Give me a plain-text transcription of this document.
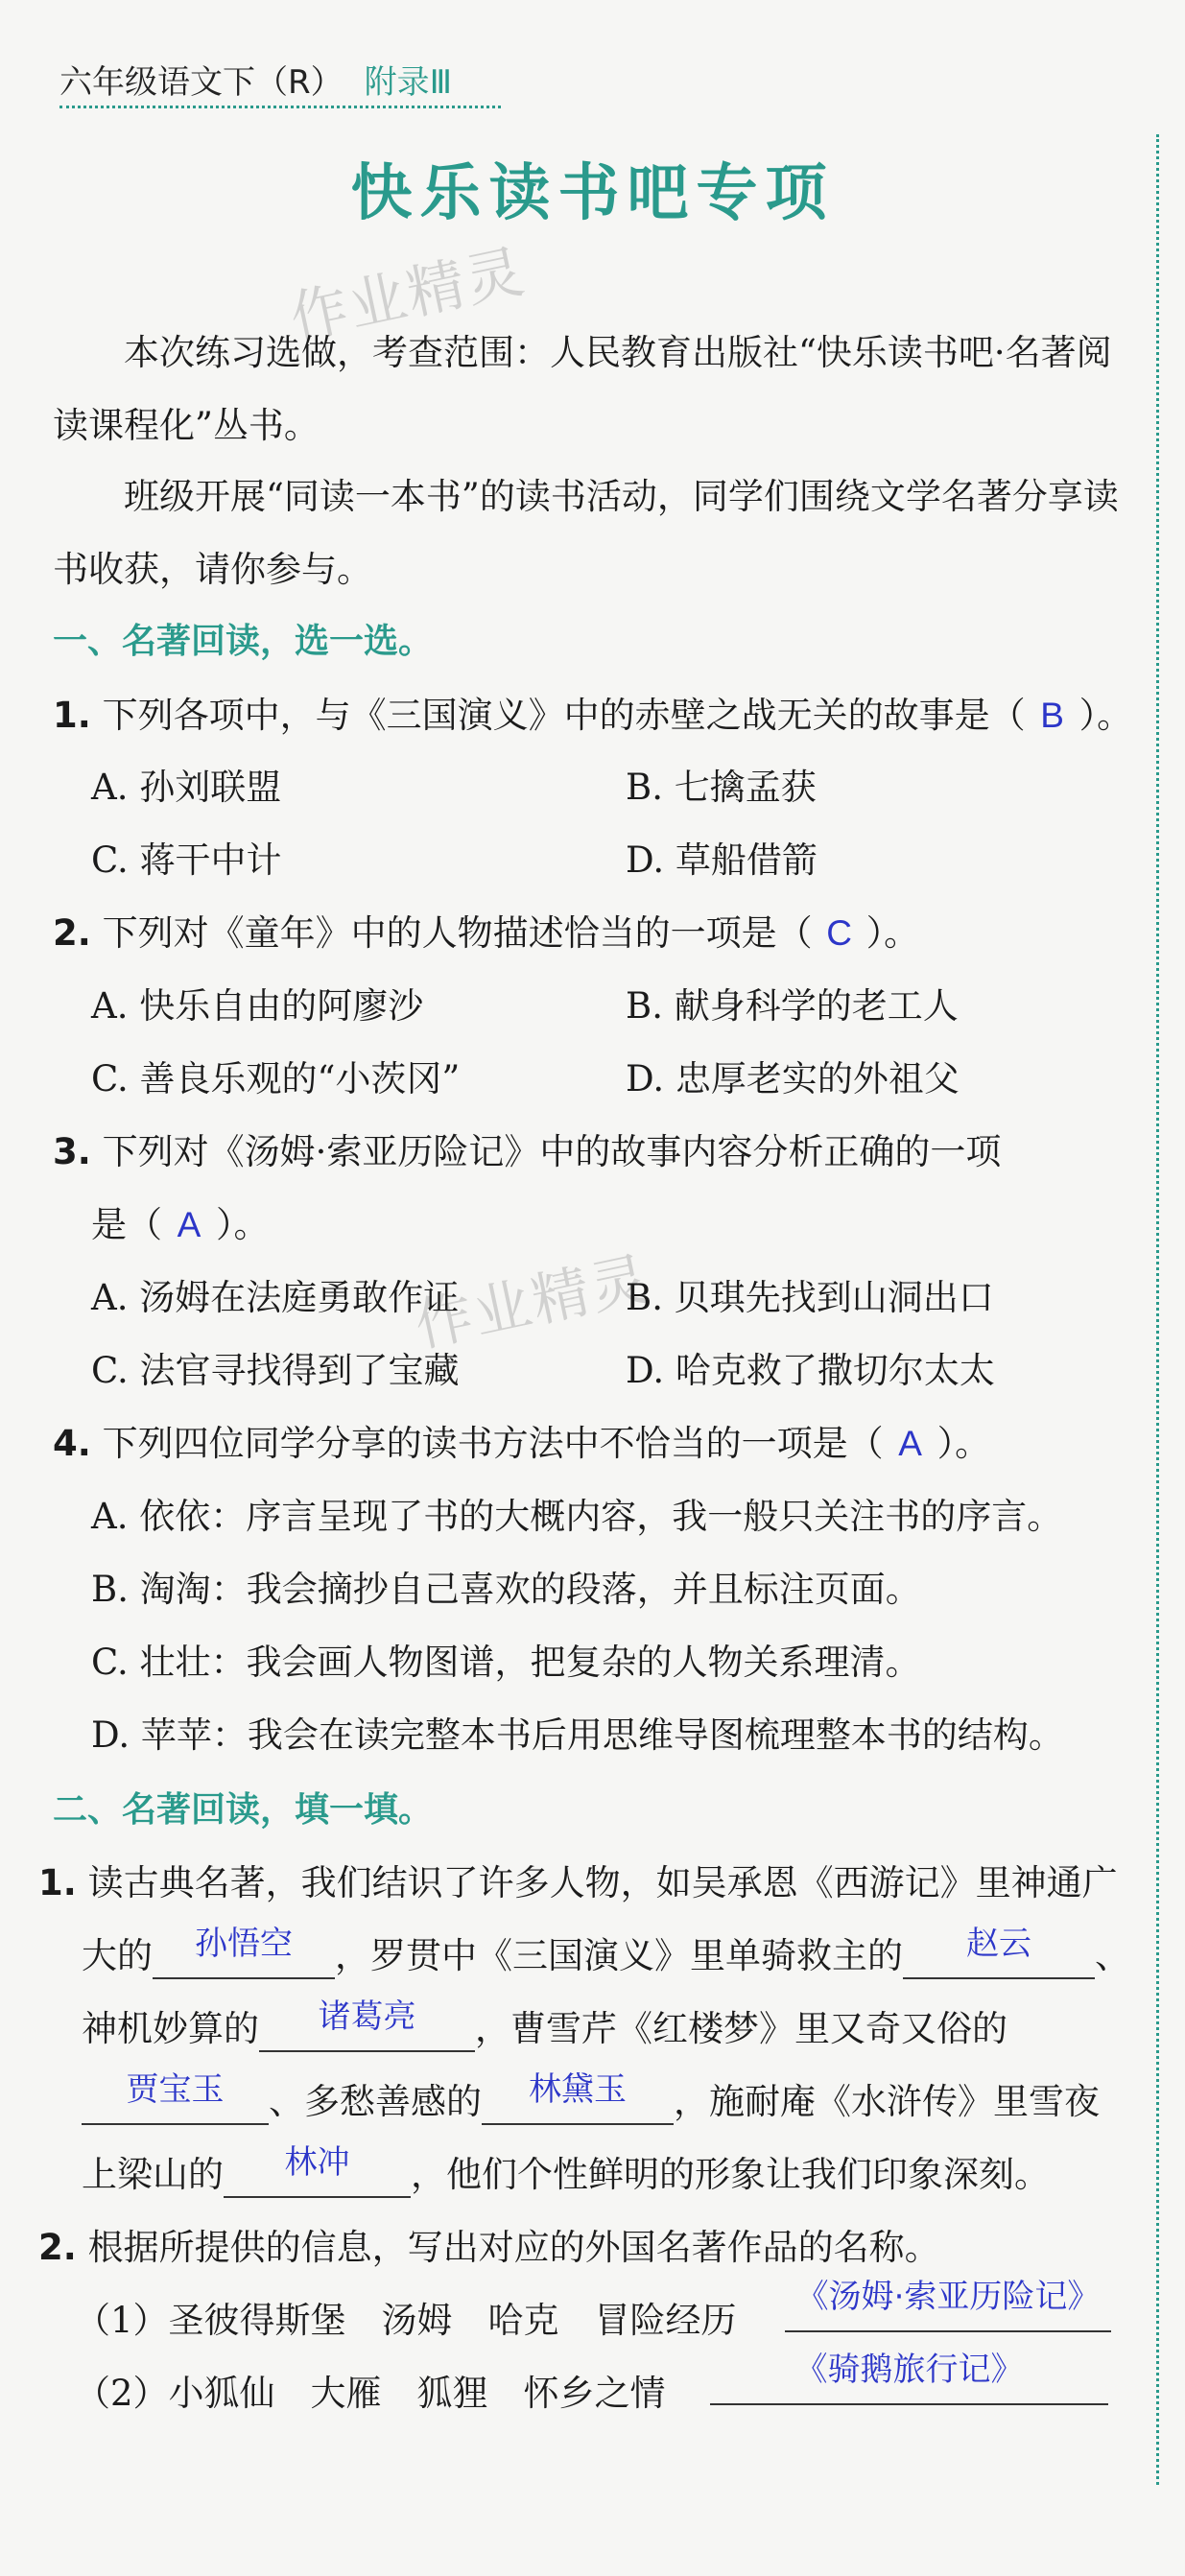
六年级语文下（R） 附录Ⅲ
快乐读书吧专项
作业精灵
作业精灵
本次练习选做，考查范围：人民教育出版社“快乐读书吧·名著阅读课程化”丛书。
班级开展“同读一本书”的读书活动，同学们围绕文学名著分享读书收获，请你参与。
一、名著回读，选一选。
1. 下列各项中，与《三国演义》中的赤壁之战无关的故事是（ B ）。
A. 孙刘联盟	B. 七擒孟获
C. 蒋干中计	D. 草船借箭
2. 下列对《童年》中的人物描述恰当的一项是（ C ）。
A. 快乐自由的阿廖沙	B. 献身科学的老工人
C. 善良乐观的“小茨冈”	D. 忠厚老实的外祖父
3. 下列对《汤姆·索亚历险记》中的故事内容分析正确的一项
是（ A ）。
A. 汤姆在法庭勇敢作证	B. 贝琪先找到山洞出口
C. 法官寻找得到了宝藏	D. 哈克救了撒切尔太太
4. 下列四位同学分享的读书方法中不恰当的一项是（ A ）。
A. 依依：序言呈现了书的大概内容，我一般只关注书的序言。
B. 淘淘：我会摘抄自己喜欢的段落，并且标注页面。
C. 壮壮：我会画人物图谱，把复杂的人物关系理清。
D. 苹苹：我会在读完整本书后用思维导图梳理整本书的结构。
二、名著回读，填一填。
1. 读古典名著，我们结识了许多人物，如吴承恩《西游记》里神通广
大的 孙悟空 ，罗贯中《三国演义》里单骑救主的 赵云 、
神机妙算的 诸葛亮 ，曹雪芹《红楼梦》里又奇又俗的
贾宝玉 、多愁善感的 林黛玉 ，施耐庵《水浒传》里雪夜
上梁山的 林冲 ，他们个性鲜明的形象让我们印象深刻。
2. 根据所提供的信息，写出对应的外国名著作品的名称。
（1）圣彼得斯堡　汤姆　哈克　冒险经历
《汤姆·索亚历险记》
（2）小狐仙　大雁　狐狸　怀乡之情
《骑鹅旅行记》
